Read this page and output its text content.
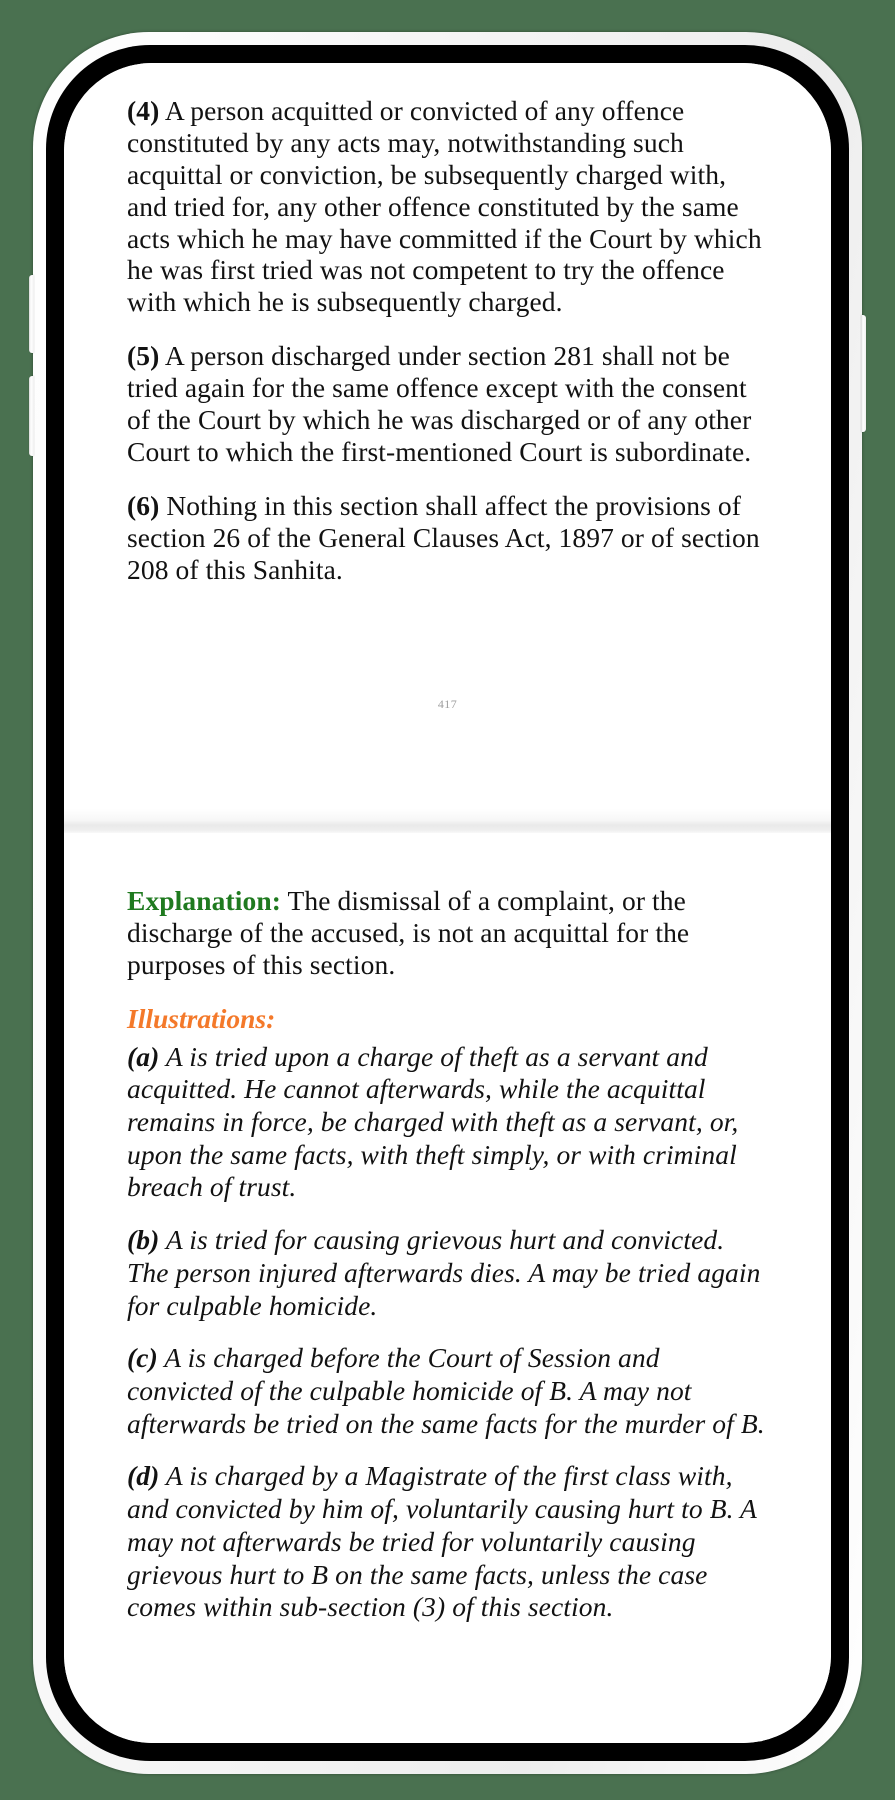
(4) A person acquitted or convicted of any offence constituted by any acts may, notwithstanding such acquittal or conviction, be subsequently charged with, and tried for, any other offence constituted by the same acts which he may have committed if the Court by which he was first tried was not competent to try the offence with which he is subsequently charged.

(5) A person discharged under section 281 shall not be tried again for the same offence except with the consent of the Court by which he was discharged or of any other Court to which the first-mentioned Court is subordinate.

(6) Nothing in this section shall affect the provisions of section 26 of the General Clauses Act, 1897 or of section 208 of this Sanhita.

417

Explanation: The dismissal of a complaint, or the discharge of the accused, is not an acquittal for the purposes of this section.

Illustrations:

(a) A is tried upon a charge of theft as a servant and acquitted. He cannot afterwards, while the acquittal remains in force, be charged with theft as a servant, or, upon the same facts, with theft simply, or with criminal breach of trust.

(b) A is tried for causing grievous hurt and convicted. The person injured afterwards dies. A may be tried again for culpable homicide.

(c) A is charged before the Court of Session and convicted of the culpable homicide of B. A may not afterwards be tried on the same facts for the murder of B.

(d) A is charged by a Magistrate of the first class with, and convicted by him of, voluntarily causing hurt to B. A may not afterwards be tried for voluntarily causing grievous hurt to B on the same facts, unless the case comes within sub-section (3) of this section.
